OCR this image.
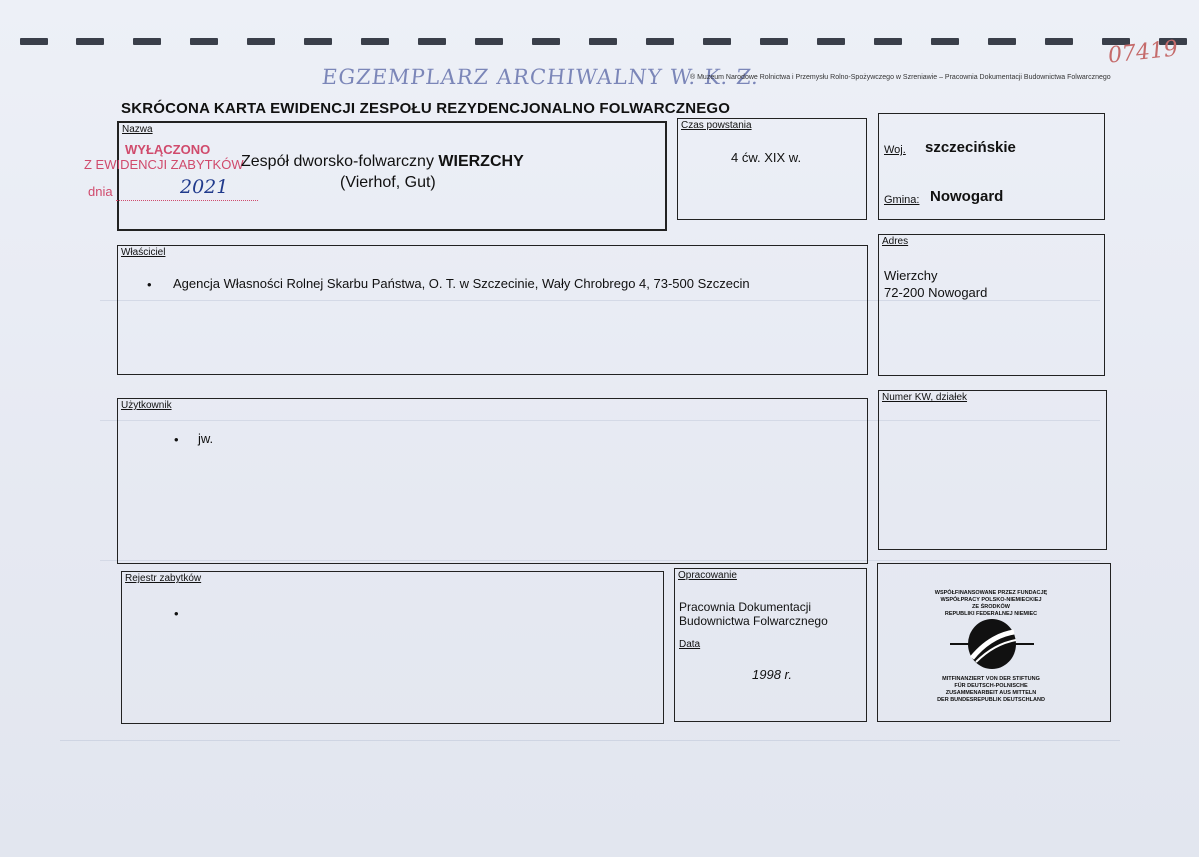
EGZEMPLARZ ARCHIWALNY W. K. Z.
® Muzeum Narodowe Rolnictwa i Przemysłu Rolno-Spożywczego w Szreniawie – Pracownia Dokumentacji Budownictwa Folwarcznego
07419
SKRÓCONA KARTA EWIDENCJI ZESPOŁU REZYDENCJONALNO FOLWARCZNEGO
Nazwa
WYŁĄCZONO
Z EWIDENCJI ZABYTKÓW
Zespół dworsko-folwarczny WIERZCHY
(Vierhof, Gut)
dnia	2021
Czas powstania
4 ćw. XIX w.	Woj. szczecińskie
Gmina: Nowogard
Właściciel
• Agencja Własności Rolnej Skarbu Państwa, O. T. w Szczecinie, Wały Chrobrego 4, 73-500 Szczecin
Adres
Wierzchy
72-200 Nowogard
Użytkownik
• jw.
Numer KW, działek
Rejestr zabytków
•
Opracowanie
Pracownia Dokumentacji
Budownictwa Folwarcznego
Data
1998 r.
WSPÓŁFINANSOWANE PRZEZ FUNDACJĘ
WSPÓŁPRACY POLSKO-NIEMIECKIEJ
ZE ŚRODKÓW
REPUBLIKI FEDERALNEJ NIEMIEC
MITFINANZIERT VON DER STIFTUNG
FÜR DEUTSCH-POLNISCHE
ZUSAMMENARBEIT AUS MITTELN
DER BUNDESREPUBLIK DEUTSCHLAND
